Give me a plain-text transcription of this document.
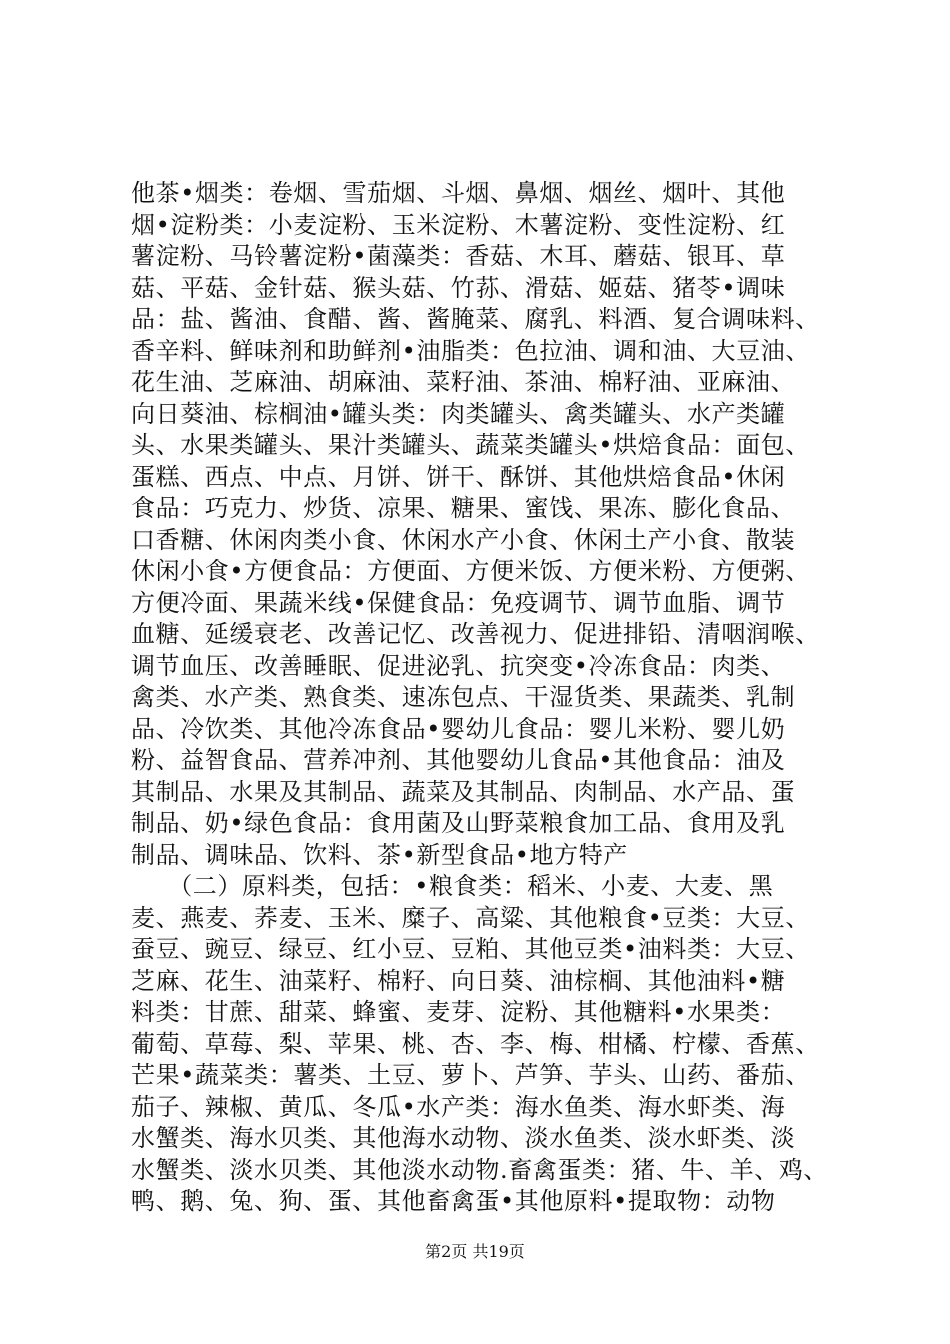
他茶•烟类：卷烟、雪茄烟、斗烟、鼻烟、烟丝、烟叶、其他
烟•淀粉类：小麦淀粉、玉米淀粉、木薯淀粉、变性淀粉、红
薯淀粉、马铃薯淀粉•菌藻类：香菇、木耳、蘑菇、银耳、草
菇、平菇、金针菇、猴头菇、竹荪、滑菇、姬菇、猪苓•调味
品：盐、酱油、食醋、酱、酱腌菜、腐乳、料酒、复合调味料、
香辛料、鲜味剂和助鲜剂•油脂类：色拉油、调和油、大豆油、
花生油、芝麻油、胡麻油、菜籽油、茶油、棉籽油、亚麻油、
向日葵油、棕榈油•罐头类：肉类罐头、禽类罐头、水产类罐
头、水果类罐头、果汁类罐头、蔬菜类罐头•烘焙食品：面包、
蛋糕、西点、中点、月饼、饼干、酥饼、其他烘焙食品•休闲
食品：巧克力、炒货、凉果、糖果、蜜饯、果冻、膨化食品、
口香糖、休闲肉类小食、休闲水产小食、休闲土产小食、散装
休闲小食•方便食品：方便面、方便米饭、方便米粉、方便粥、
方便冷面、果蔬米线•保健食品：免疫调节、调节血脂、调节
血糖、延缓衰老、改善记忆、改善视力、促进排铅、清咽润喉、
调节血压、改善睡眠、促进泌乳、抗突变•冷冻食品：肉类、
禽类、水产类、熟食类、速冻包点、干湿货类、果蔬类、乳制
品、冷饮类、其他冷冻食品•婴幼儿食品：婴儿米粉、婴儿奶
粉、益智食品、营养冲剂、其他婴幼儿食品•其他食品：油及
其制品、水果及其制品、蔬菜及其制品、肉制品、水产品、蛋
制品、奶•绿色食品：食用菌及山野菜粮食加工品、食用及乳
制品、调味品、饮料、茶•新型食品•地方特产
　　（二）原料类，包括：•粮食类：稻米、小麦、大麦、黑
麦、燕麦、荞麦、玉米、糜子、高粱、其他粮食•豆类：大豆、
蚕豆、豌豆、绿豆、红小豆、豆粕、其他豆类•油料类：大豆、
芝麻、花生、油菜籽、棉籽、向日葵、油棕榈、其他油料•糖
料类：甘蔗、甜菜、蜂蜜、麦芽、淀粉、其他糖料•水果类：
葡萄、草莓、梨、苹果、桃、杏、李、梅、柑橘、柠檬、香蕉、
芒果•蔬菜类：薯类、土豆、萝卜、芦笋、芋头、山药、番茄、
茄子、辣椒、黄瓜、冬瓜•水产类：海水鱼类、海水虾类、海
水蟹类、海水贝类、其他海水动物、淡水鱼类、淡水虾类、淡
水蟹类、淡水贝类、其他淡水动物.畜禽蛋类：猪、牛、羊、鸡、
鸭、鹅、兔、狗、蛋、其他畜禽蛋•其他原料•提取物：动物
第2页 共19页
